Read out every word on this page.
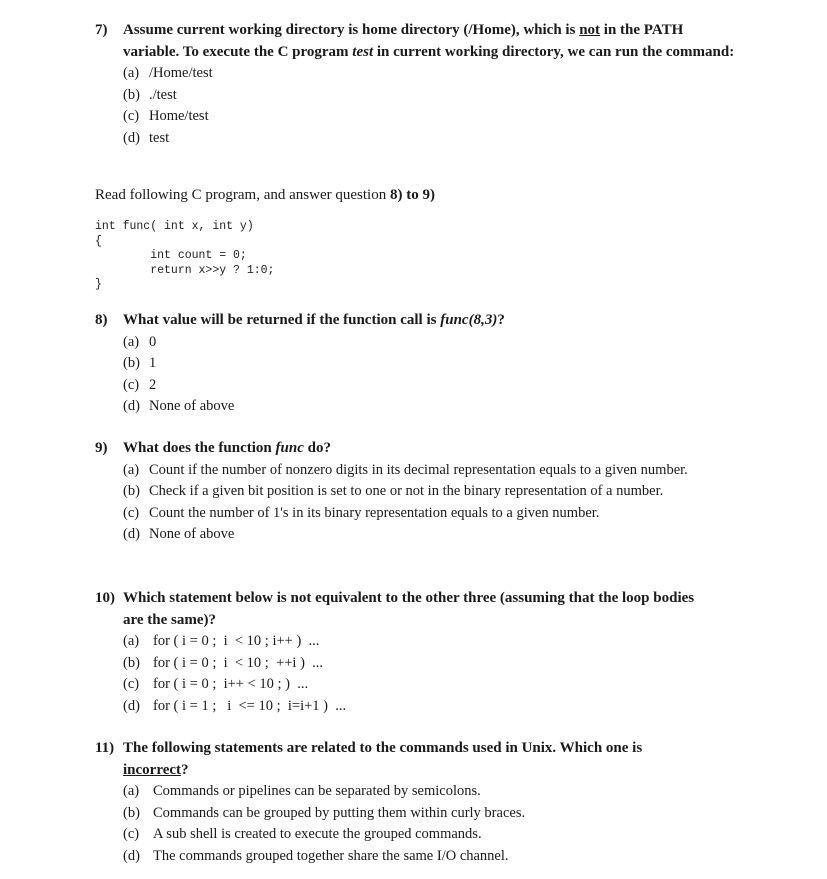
7) Assume current working directory is home directory (/Home), which is not in the PATH variable. To execute the C program test in current working directory, we can run the command:
(a) /Home/test
(b) ./test
(c) Home/test
(d) test
Read following C program, and answer question 8) to 9)
int func( int x, int y)
{
int count = 0;
return x>>y ? 1:0;
}
8) What value will be returned if the function call is func(8,3)?
(a) 0
(b) 1
(c) 2
(d) None of above
9) What does the function func do?
(a) Count if the number of nonzero digits in its decimal representation equals to a given number.
(b) Check if a given bit position is set to one or not in the binary representation of a number.
(c) Count the number of 1's in its binary representation equals to a given number.
(d) None of above
10) Which statement below is not equivalent to the other three (assuming that the loop bodies are the same)?
(a) for ( i = 0 ;  i  < 10 ; i++ )  ...
(b) for ( i = 0 ;  i  < 10 ;  ++i )  ...
(c) for ( i = 0 ;  i++ < 10 ; )  ...
(d) for ( i = 1 ;   i  <= 10 ;  i=i+1 )  ...
11) The following statements are related to the commands used in Unix. Which one is incorrect?
(a) Commands or pipelines can be separated by semicolons.
(b) Commands can be grouped by putting them within curly braces.
(c) A sub shell is created to execute the grouped commands.
(d) The commands grouped together share the same I/O channel.
